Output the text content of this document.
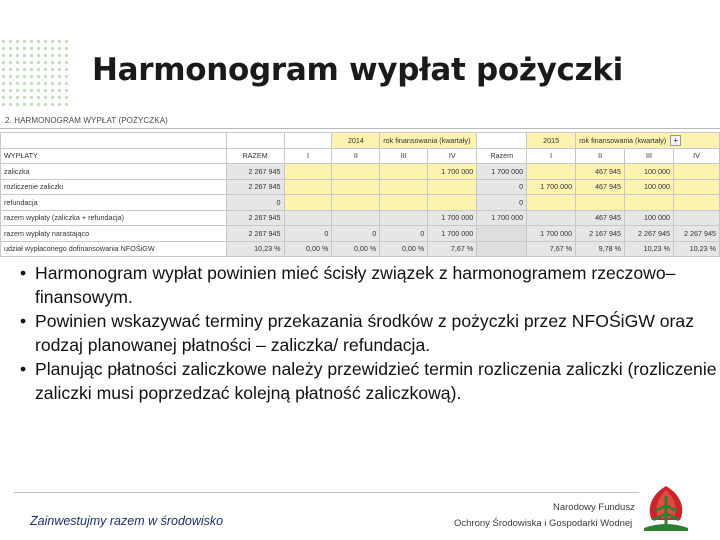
Harmonogram wypłat pożyczki
2. HARMONOGRAM WYPŁAT (POŻYCZKA)
			2014	rok finansowania (kwartały)			2015	rok finansowania (kwartały) +		
WYPŁATY	RAZEM	I	II	III	IV	Razem	I	II	III	IV
zaliczka	2 267 945				1 700 000	1 700 000		467 945	100 000	
rozliczenie zaliczki	2 267 945					0	1 700 000	467 945	100 000	
refundacja	0					0				
razem wypłaty (zaliczka + refundacja)	2 267 945				1 700 000	1 700 000		467 945	100 000	
razem wypłaty narastająco	2 267 945	0	0	0	1 700 000		1 700 000	2 167 945	2 267 945	2 267 945
udział wypłaconego dofinansowania NFOŚiGW	10,23 %	0,00 %	0,00 %	0,00 %	7,67 %		7,67 %	9,78 %	10,23 %	10,23 %
• Harmonogram wypłat powinien mieć ścisły związek z harmonogramem rzeczowo–finansowym.
• Powinien wskazywać terminy przekazania środków z pożyczki przez NFOŚiGW oraz rodzaj planowanej płatności – zaliczka/ refundacja.
• Planując płatności zaliczkowe należy przewidzieć termin rozliczenia zaliczki (rozliczenie zaliczki musi poprzedzać kolejną płatność zaliczkową).
Zainwestujmy razem w środowisko
Narodowy Fundusz
Ochrony Środowiska i Gospodarki Wodnej
